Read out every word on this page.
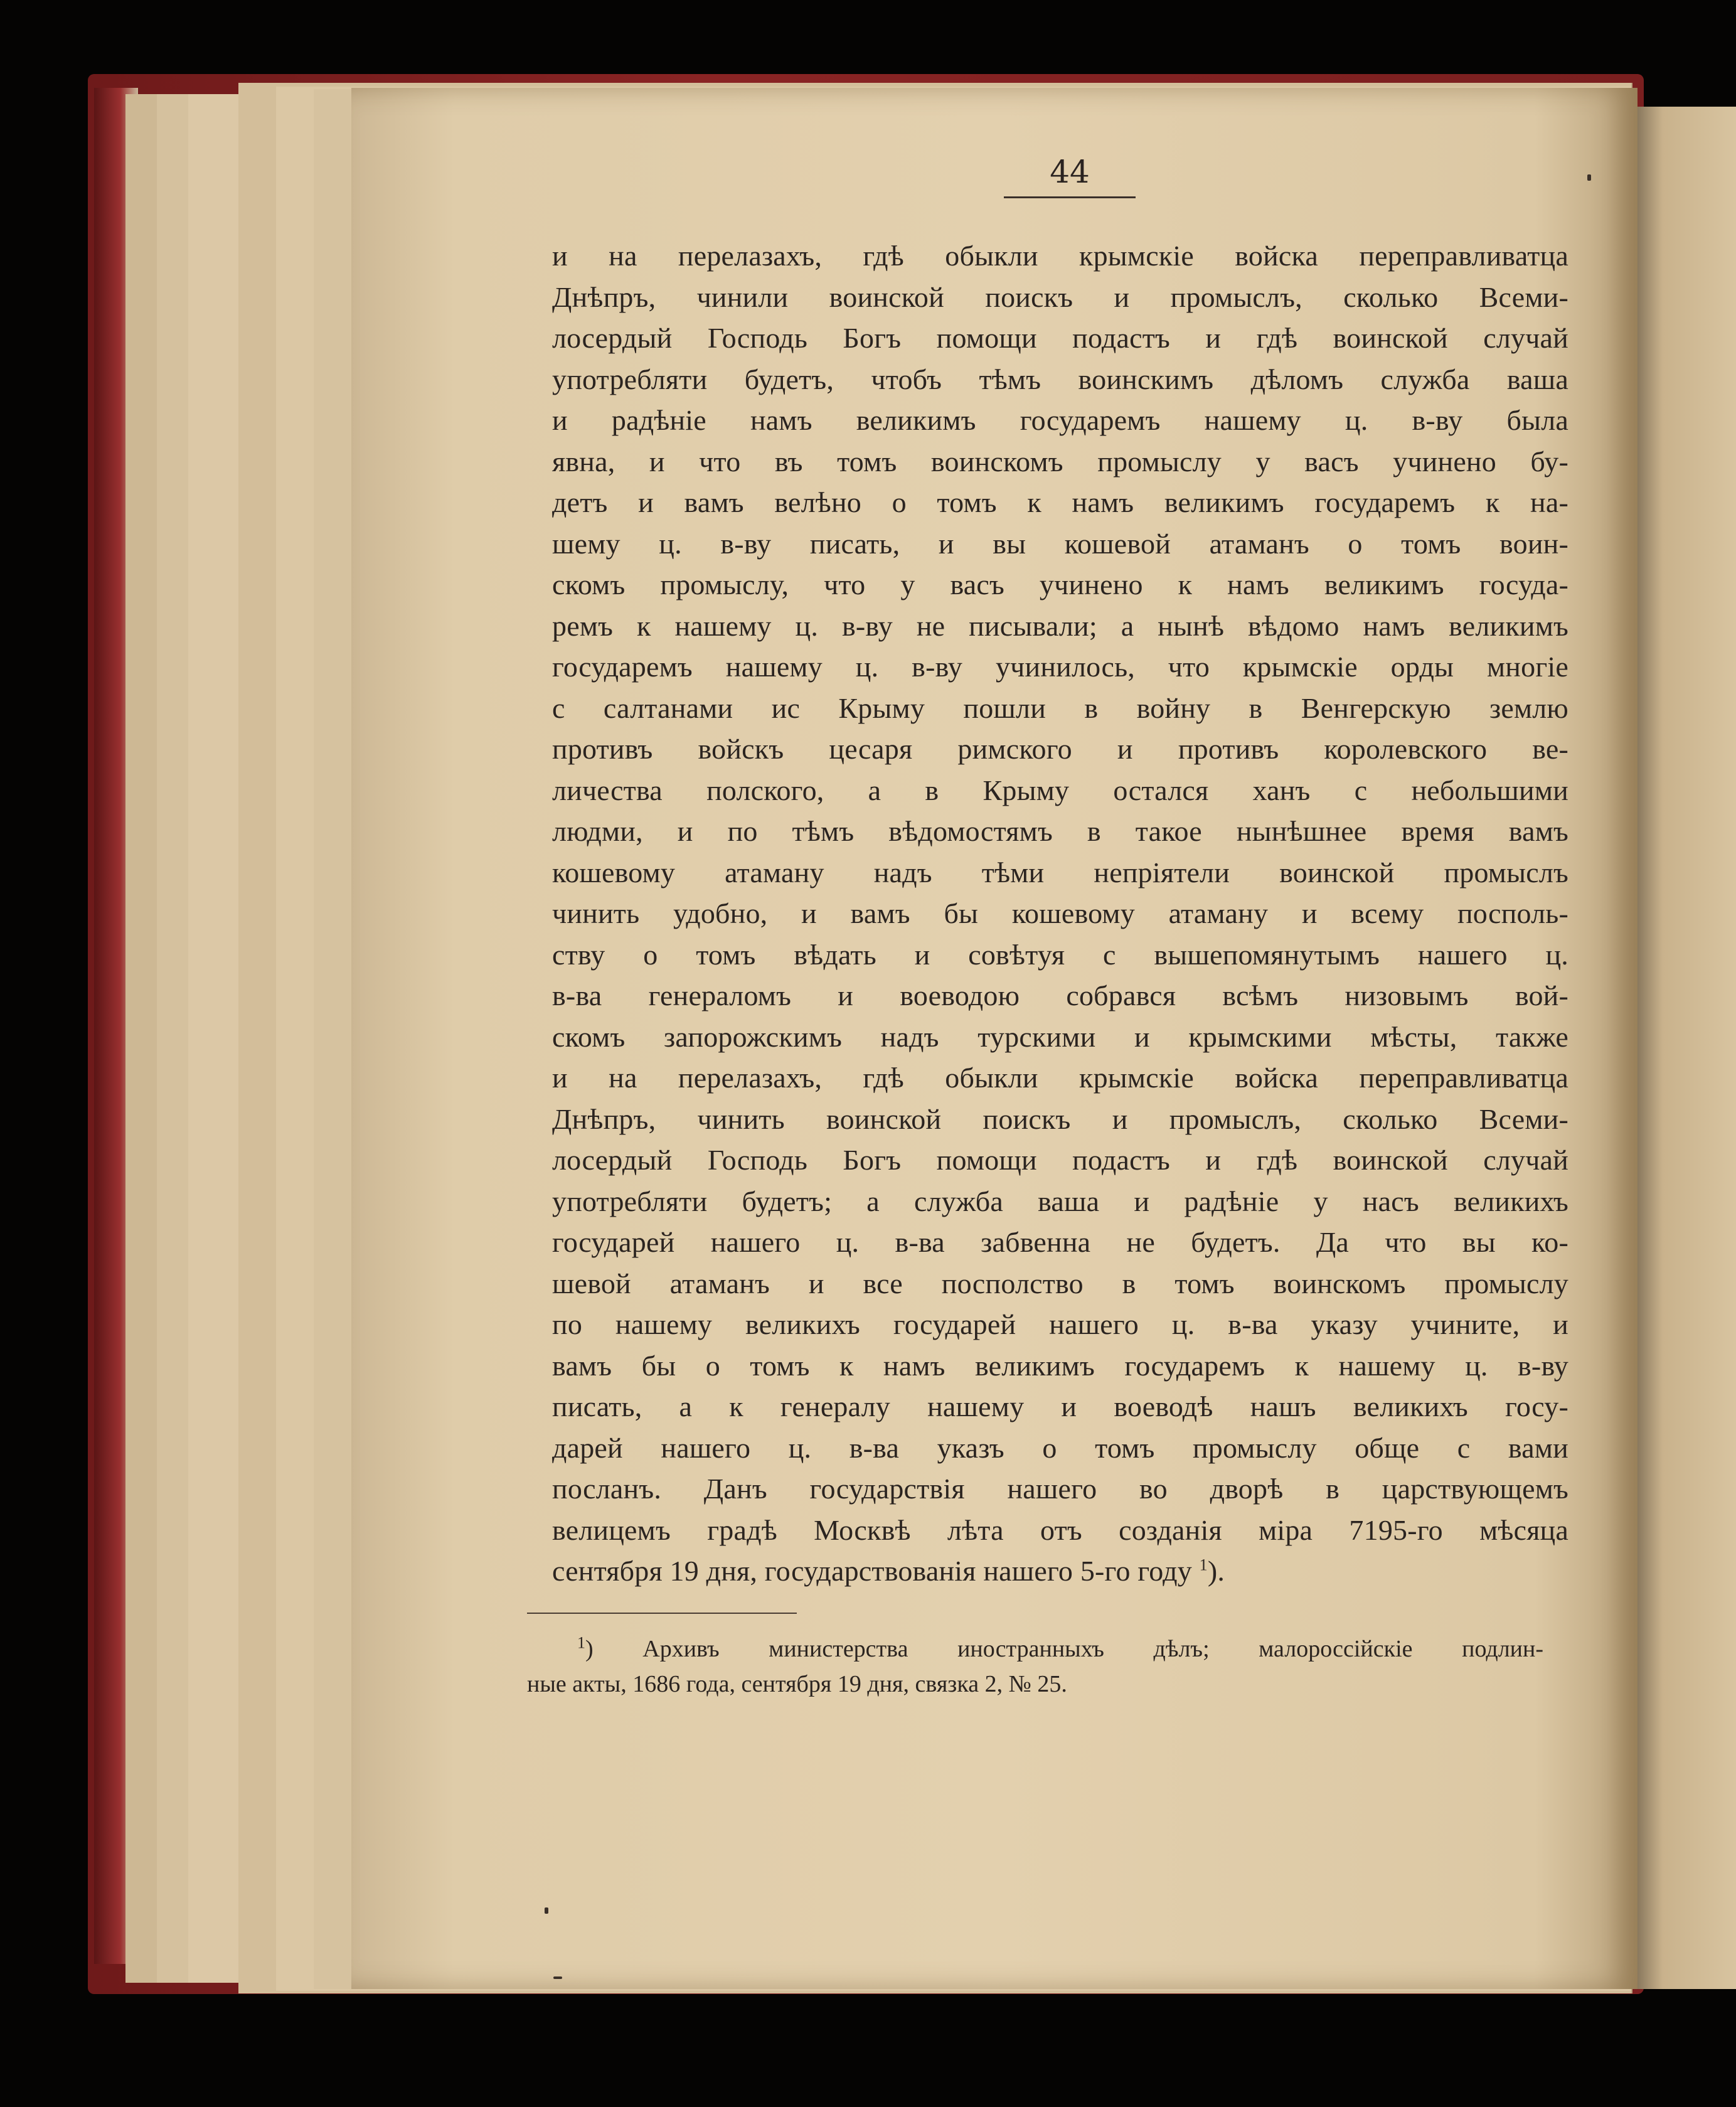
44
и на перелазахъ, гдѣ обыкли крымскіе войска переправливатца
Днѣпръ, чинили воинской поискъ и промыслъ, сколько Всеми-
лосердый Господь Богъ помощи подастъ и гдѣ воинской случай
употребляти будетъ, чтобъ тѣмъ воинскимъ дѣломъ служба ваша
и радѣніе намъ великимъ государемъ нашему ц. в-ву была
явна, и что въ томъ воинскомъ промыслу у васъ учинено бу-
детъ и вамъ велѣно о томъ к намъ великимъ государемъ к на-
шему ц. в-ву писать, и вы кошевой атаманъ о томъ воин-
скомъ промыслу, что у васъ учинено к намъ великимъ госуда-
ремъ к нашему ц. в-ву не писывали; а нынѣ вѣдомо намъ великимъ
государемъ нашему ц. в-ву учинилось, что крымскіе орды многіе
с салтанами ис Крыму пошли в войну в Венгерскую землю
противъ войскъ цесаря римского и противъ королевского ве-
личества полского, а в Крыму остался ханъ с небольшими
людми, и по тѣмъ вѣдомостямъ в такое нынѣшнее время вамъ
кошевому атаману надъ тѣми непріятели воинской промыслъ
чинить удобно, и вамъ бы кошевому атаману и всему посполь-
ству о томъ вѣдать и совѣтуя с вышепомянутымъ нашего ц.
в-ва генераломъ и воеводою собрався всѣмъ низовымъ вой-
скомъ запорожскимъ надъ турскими и крымскими мѣсты, также
и на перелазахъ, гдѣ обыкли крымскіе войска переправливатца
Днѣпръ, чинить воинской поискъ и промыслъ, сколько Всеми-
лосердый Господь Богъ помощи подастъ и гдѣ воинской случай
употребляти будетъ; а служба ваша и радѣніе у насъ великихъ
государей нашего ц. в-ва забвенна не будетъ. Да что вы ко-
шевой атаманъ и все посполство в томъ воинскомъ промыслу
по нашему великихъ государей нашего ц. в-ва указу учините, и
вамъ бы о томъ к намъ великимъ государемъ к нашему ц. в-ву
писать, а к генералу нашему и воеводѣ нашъ великихъ госу-
дарей нашего ц. в-ва указъ о томъ промыслу обще с вами
посланъ. Данъ государствія нашего во дворѣ в царствующемъ
велицемъ градѣ Москвѣ лѣта отъ созданія міра 7195-го мѣсяца
сентября 19 дня, государствованія нашего 5-го году $^1$).
$^1$) Архивъ министерства иностранныхъ дѣлъ; малороссійскіе подлин-
ные акты, 1686 года, сентября 19 дня, связка 2, № 25.
